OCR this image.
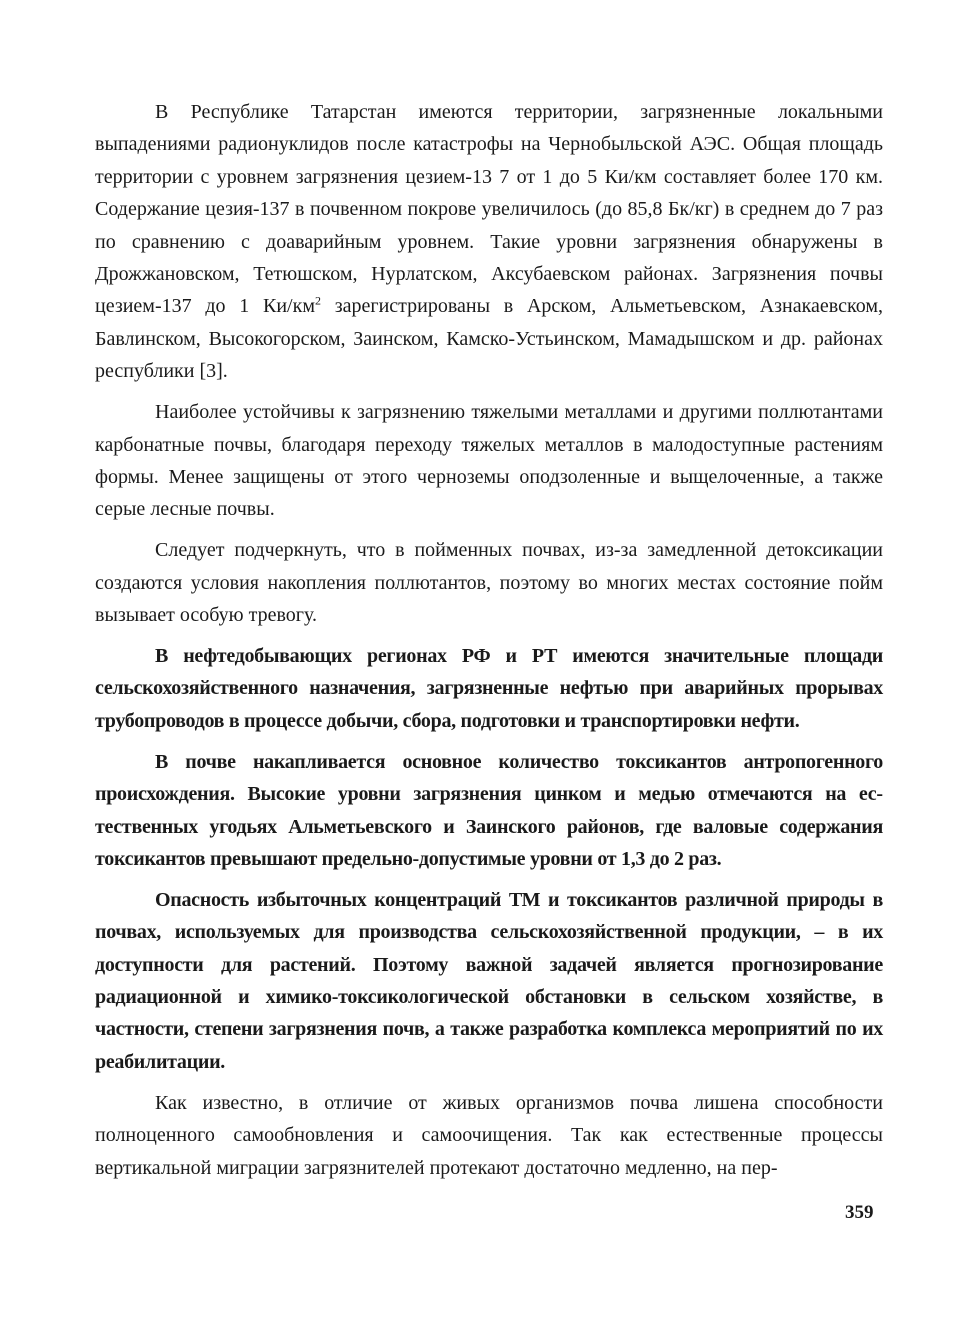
В Республике Татарстан имеются территории, загрязненные локальными выпадениями радионуклидов после катастрофы на Чернобыльской АЭС. Общая площадь территории с уровнем загрязнения цезием-13 7 от 1 до 5 Ки/км составляет более 170 км. Содержание цезия-137 в почвенном покрове увеличилось (до 85,8 Бк/кг) в среднем до 7 раз по сравнению с доаварийным уровнем. Такие уровни загрязнения обнаружены в Дрожжановском, Тетюшском, Нурлатском, Аксубаевском районах. Загрязнения почвы цезием-137 до 1 $Ки/км^2$ зарегистрированы в Арском, Альметьевском, Азнакаевском, Бавлинском, Высокогорском, Заинском, Камско-Устьинском, Мамадышском и др. районах республики [3].

Наиболее устойчивы к загрязнению тяжелыми металлами и другими поллютантами карбонатные почвы, благодаря переходу тяжелых металлов в малодоступные растениям формы. Менее защищены от этого черноземы оподзоленные и выщелоченные, а также серые лесные почвы.

Следует подчеркнуть, что в пойменных почвах, из-за замедленной детоксикации создаются условия накопления поллютантов, поэтому во многих местах состояние пойм вызывает особую тревогу.

В нефтедобывающих регионах РФ и РТ имеются значительные площади сельскохозяйственного назначения, загрязненные нефтью при аварийных прорывах трубопроводов в процессе добычи, сбора, подготовки и транспортировки нефти.

В почве накапливается основное количество токсикантов антропогенного происхождения. Высокие уровни загрязнения цинком и медью отмечаются на естественных угодьях Альметьевского и Заинского районов, где валовые содержания токсикантов превышают предельно-допустимые уровни от 1,3 до 2 раз.

Опасность избыточных концентраций ТМ и токсикантов различной природы в почвах, используемых для производства сельскохозяйственной продукции, – в их доступности для растений. Поэтому важной задачей является прогнозирование радиационной и химико-токсикологической обстановки в сельском хозяйстве, в частности, степени загрязнения почв, а также разработка комплекса мероприятий по их реабилитации.

Как известно, в отличие от живых организмов почва лишена способности полноценного самообновления и самоочищения. Так как естественные процессы вертикальной миграции загрязнителей протекают достаточно медленно, на пер-

359
